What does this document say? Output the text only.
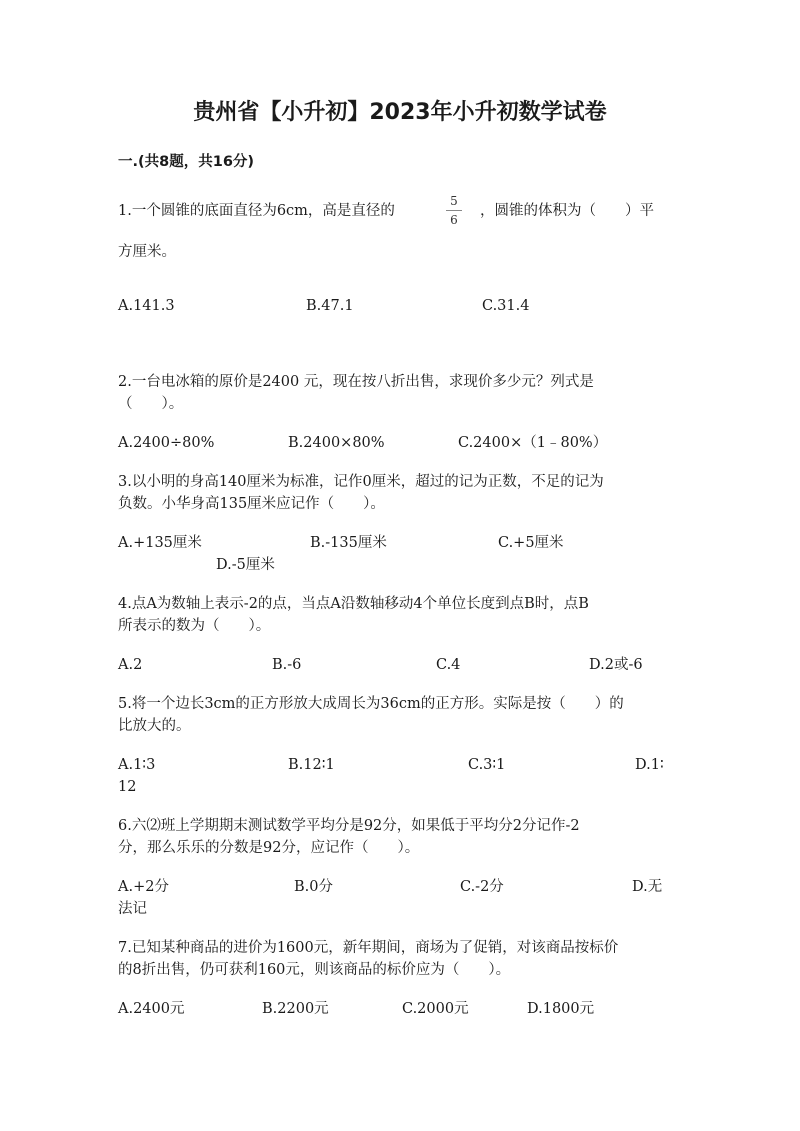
贵州省【小升初】2023年小升初数学试卷
一.(共8题，共16分)
1.一个圆锥的底面直径为6cm，高是直径的
5
6
，圆锥的体积为（　　）平
方厘米。
A.141.3	B.47.1	C.31.4
2.一台电冰箱的原价是2400 元，现在按八折出售，求现价多少元？列式是
（　　）。
A.2400÷80%	B.2400×80%	C.2400×（1﹣80%）
3.以小明的身高140厘米为标准，记作0厘米，超过的记为正数，不足的记为
负数。小华身高135厘米应记作（　　）。
A.+135厘米	B.-135厘米	C.+5厘米
D.-5厘米
4.点A为数轴上表示-2的点，当点A沿数轴移动4个单位长度到点B时，点B
所表示的数为（　　）。
A.2	B.-6	C.4	D.2或-6
5.将一个边长3cm的正方形放大成周长为36cm的正方形。实际是按（　　）的
比放大的。
A.1∶3	B.12∶1	C.3∶1	D.1∶
12
6.六⑵班上学期期末测试数学平均分是92分，如果低于平均分2分记作-2
分，那么乐乐的分数是92分，应记作（　　）。
A.+2分	B.0分	C.-2分	D.无
法记
7.已知某种商品的进价为1600元，新年期间，商场为了促销，对该商品按标价
的8折出售，仍可获利160元，则该商品的标价应为（　　）。
A.2400元	B.2200元	C.2000元	D.1800元
